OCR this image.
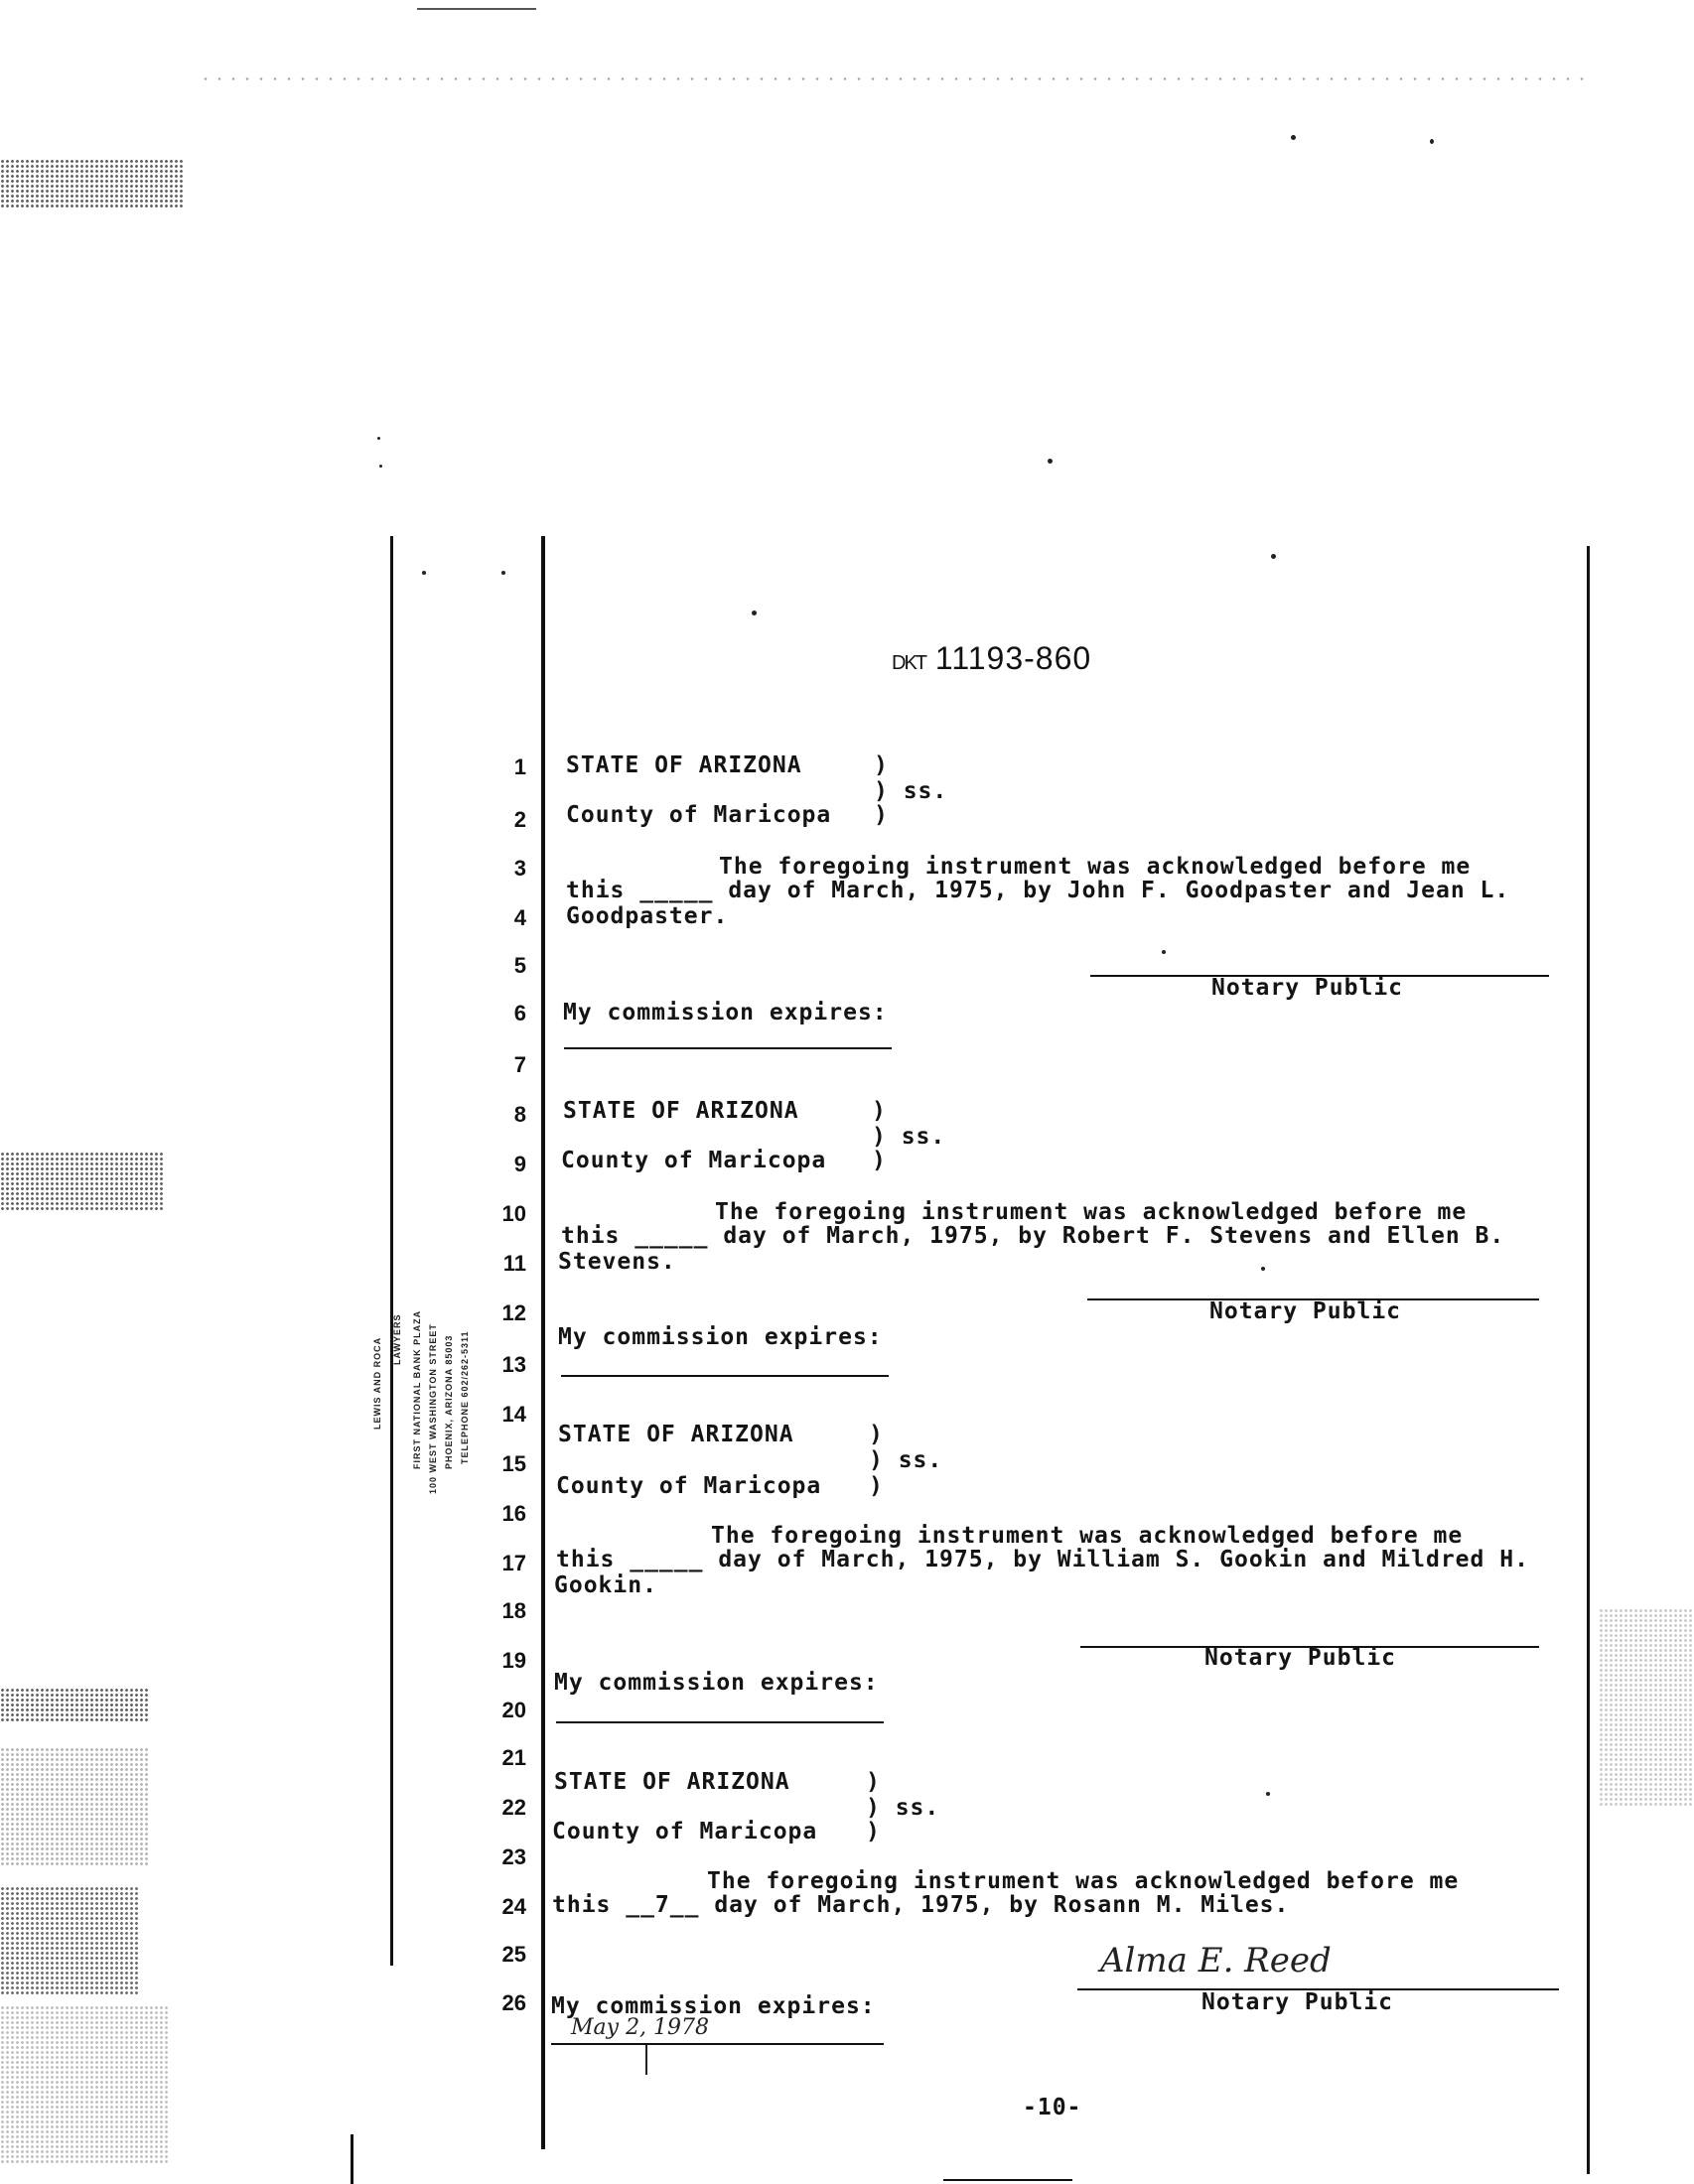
LEWIS AND ROCA LAWYERS FIRST NATIONAL BANK PLAZA 100 WEST WASHINGTON STREET PHOENIX, ARIZONA 85003 TELEPHONE 602/262-5311
DKT 11193-860
1
2
3
4
5
6
7
8
9
10
11
12
13
14
15
16
17
18
19
20
21
22
23
24
25
26
STATE OF ARIZONA	)
) ss.
County of Maricopa )
The foregoing instrument was acknowledged before me
this _____ day of March, 1975, by John F. Goodpaster and Jean L.
Goodpaster.
Notary Public
My commission expires:
STATE OF ARIZONA	)
) ss.
County of Maricopa )
The foregoing instrument was acknowledged before me
this _____ day of March, 1975, by Robert F. Stevens and Ellen B.
Stevens.
Notary Public
My commission expires:
STATE OF ARIZONA	)
) ss.
County of Maricopa )
The foregoing instrument was acknowledged before me
this _____ day of March, 1975, by William S. Gookin and Mildred H.
Gookin.
Notary Public
My commission expires:
STATE OF ARIZONA	)
) ss.
County of Maricopa )
The foregoing instrument was acknowledged before me
this __7__ day of March, 1975, by Rosann M. Miles.
Alma E. Reed
Notary Public
My commission expires:
May 2, 1978
-10-
